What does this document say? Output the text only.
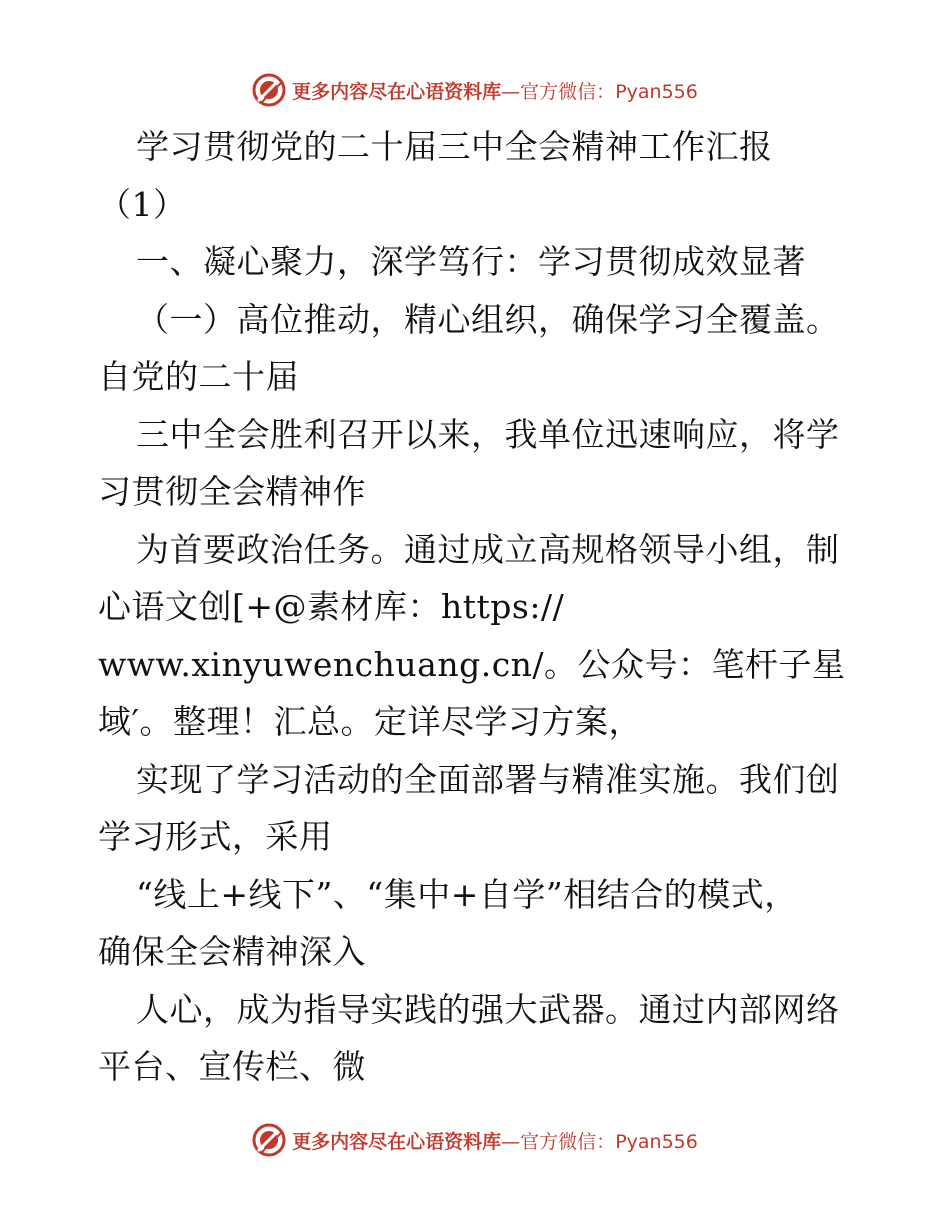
更多内容尽在心语资料库—官方微信：Pyan556
学习贯彻党的二十届三中全会精神工作汇报
（1）
一、凝心聚力，深学笃行：学习贯彻成效显著
（一）高位推动，精心组织，确保学习全覆盖。
自党的二十届
三中全会胜利召开以来，我单位迅速响应，将学
习贯彻全会精神作
为首要政治任务。通过成立高规格领导小组，制
心语文创[+@素材库：https://
www.xinyuwenchuang.cn/。公众号：笔杆子星
域′。整理！汇总。定详尽学习方案，
实现了学习活动的全面部署与精准实施。我们创
学习形式，采用
“线上+线下”、“集中+自学”相结合的模式，
确保全会精神深入
人心，成为指导实践的强大武器。通过内部网络
平台、宣传栏、微
更多内容尽在心语资料库—官方微信：Pyan556
